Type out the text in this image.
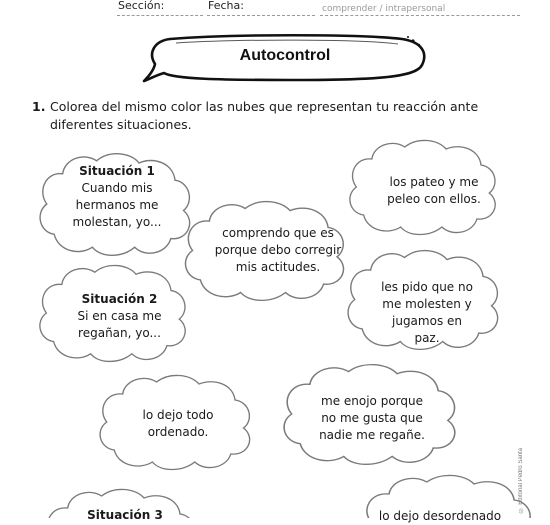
Sección:	Fecha:	comprender / intrapersonal
Autocontrol
1. Colorea del mismo color las nubes que representan tu reacción ante diferentes situaciones.
Situación 1
Cuando mis hermanos me molestan, yo...
los pateo y me peleo con ellos.
comprendo que es porque debo corregir mis actitudes.
Situación 2
Si en casa me regañan, yo...
les pido que no me molesten y jugamos en paz.
lo dejo todo ordenado.
me enojo porque no me gusta que nadie me regañe.
Situación 3	lo dejo desordenado
© Editorial Pedro Santa
